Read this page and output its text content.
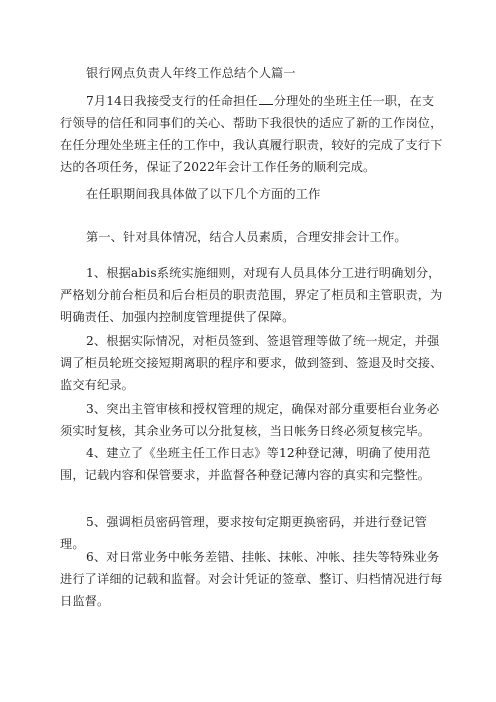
银行网点负责人年终工作总结个人篇一

7月14日我接受支行的任命担任 分理处的坐班主任一职，在支行领导的信任和同事们的关心、帮助下我很快的适应了新的工作岗位，在任分理处坐班主任的工作中，我认真履行职责，较好的完成了支行下达的各项任务，保证了2022年会计工作任务的顺利完成。

在任职期间我具体做了以下几个方面的工作

第一、针对具体情况，结合人员素质，合理安排会计工作。

1、根据abis系统实施细则，对现有人员具体分工进行明确划分，严格划分前台柜员和后台柜员的职责范围，界定了柜员和主管职责，为明确责任、加强内控制度管理提供了保障。

2、根据实际情况，对柜员签到、签退管理等做了统一规定，并强调了柜员轮班交接短期离职的程序和要求，做到签到、签退及时交接、监交有纪录。

3、突出主管审核和授权管理的规定，确保对部分重要柜台业务必须实时复核，其余业务可以分批复核，当日帐务日终必须复核完毕。

4、建立了《坐班主任工作日志》等12种登记薄，明确了使用范围，记载内容和保管要求，并监督各种登记薄内容的真实和完整性。

5、强调柜员密码管理，要求按旬定期更换密码，并进行登记管理。

6、对日常业务中帐务差错、挂帐、抹帐、冲帐、挂失等特殊业务进行了详细的记载和监督。对会计凭证的签章、整订、归档情况进行每日监督。
